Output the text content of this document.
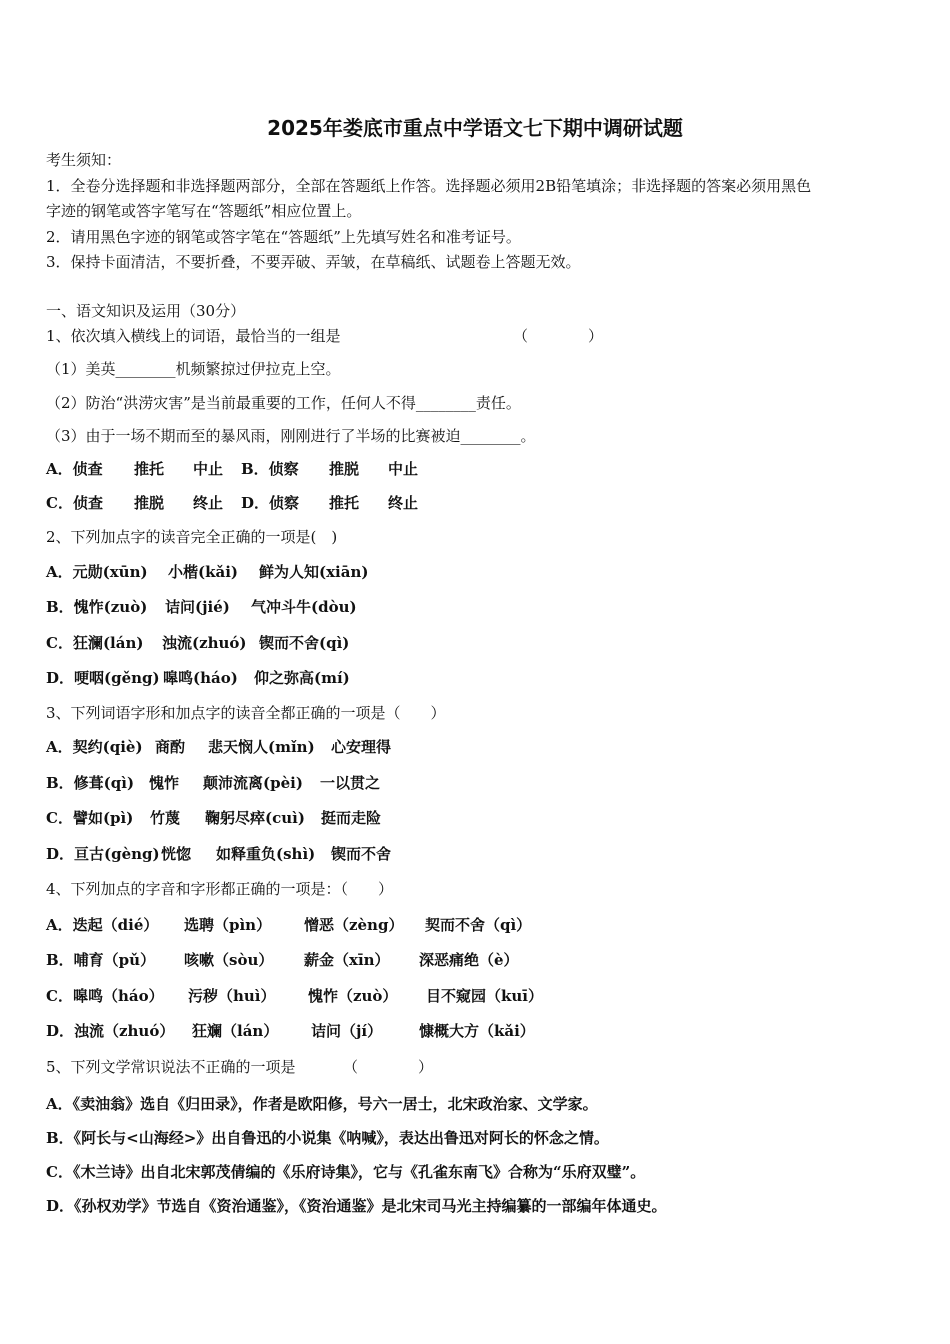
2025年娄底市重点中学语文七下期中调研试题
考生须知：
1．全卷分选择题和非选择题两部分，全部在答题纸上作答。选择题必须用2B铅笔填涂；非选择题的答案必须用黑色
字迹的钢笔或答字笔写在“答题纸”相应位置上。
2．请用黑色字迹的钢笔或答字笔在“答题纸”上先填写姓名和准考证号。
3．保持卡面清洁，不要折叠，不要弄破、弄皱，在草稿纸、试题卷上答题无效。
一、语文知识及运用（30分）
1、依次填入横线上的词语，最恰当的一组是	（　　　　）
（1）美英________机频繁掠过伊拉克上空。
（2）防治“洪涝灾害”是当前最重要的工作，任何人不得________责任。
（3）由于一场不期而至的暴风雨，刚刚进行了半场的比赛被迫________。
A．侦查 推托 中止 B．侦察 推脱 中止
C．侦查 推脱 终止 D．侦察 推托 终止
2、下列加点字的读音完全正确的一项是(　)
A．元勋(xūn) 小楷(kǎi) 鲜为人知(xiān)
B．愧怍(zuò) 诘问(jié) 气冲斗牛(dòu)
C．狂澜(lán) 浊流(zhuó) 锲而不舍(qì)
D．哽咽(gěng) 嗥鸣(háo) 仰之弥高(mí)
3、下列词语字形和加点字的读音全都正确的一项是（　　）
A．契约(qiè) 商酌 悲天悯人(mǐn) 心安理得
B．修葺(qì) 愧怍 颠沛流离(pèi) 一以贯之
C．譬如(pì) 竹蔑 鞠躬尽瘁(cuì) 挺而走险
D．亘古(gèng) 恍惚 如释重负(shì) 锲而不舍
4、下列加点的字音和字形都正确的一项是：（　　）
A．迭起（dié） 选聘（pìn） 憎恶（zèng） 契而不舍（qì）
B．哺育（pǔ） 咳嗽（sòu） 薪金（xīn） 深恶痛绝（è）
C．嗥鸣（háo） 污秽（huì） 愧怍（zuò） 目不窥园（kuī）
D．浊流（zhuó） 狂斓（lán） 诘问（jí） 慷概大方（kǎi）
5、下列文学常识说法不正确的一项是	（　　　　）
A．《卖油翁》选自《归田录》，作者是欧阳修，号六一居士，北宋政治家、文学家。
B．《阿长与<山海经>》出自鲁迅的小说集《呐喊》，表达出鲁迅对阿长的怀念之情。
C．《木兰诗》出自北宋郭茂倩编的《乐府诗集》，它与《孔雀东南飞》合称为“乐府双璧”。
D．《孙权劝学》节选自《资治通鉴》，《资治通鉴》是北宋司马光主持编纂的一部编年体通史。
